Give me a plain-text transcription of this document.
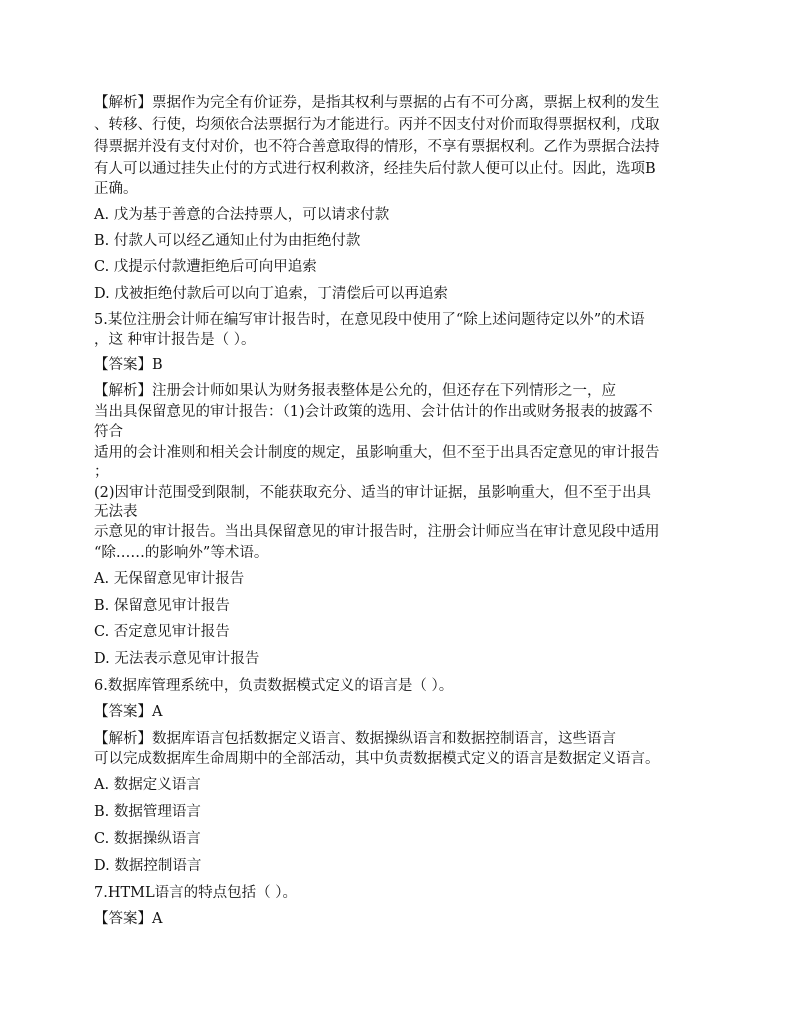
【解析】票据作为完全有价证券，是指其权利与票据的占有不可分离，票据上权利的发生
、转移、行使，均须依合法票据行为才能进行。丙并不因支付对价而取得票据权利，戊取
得票据并没有支付对价，也不符合善意取得的情形，不享有票据权利。乙作为票据合法持
有人可以通过挂失止付的方式进行权利救济，经挂失后付款人便可以止付。因此，选项B
正确。
A. 戊为基于善意的合法持票人，可以请求付款
B. 付款人可以经乙通知止付为由拒绝付款
C. 戊提示付款遭拒绝后可向甲追索
D. 戊被拒绝付款后可以向丁追索，丁清偿后可以再追索
5.某位注册会计师在编写审计报告时，在意见段中使用了“除上述问题待定以外”的术语
，这 种审计报告是（ ）。
【答案】B
【解析】注册会计师如果认为财务报表整体是公允的，但还存在下列情形之一，应
当出具保留意见的审计报告：（1)会计政策的选用、会计估计的作出或财务报表的披露不
符合
适用的会计准则和相关会计制度的规定，虽影响重大，但不至于出具否定意见的审计报告
；
(2)因审计范围受到限制，不能获取充分、适当的审计证据，虽影响重大，但不至于出具
无法表
示意见的审计报告。当出具保留意见的审计报告时，注册会计师应当在审计意见段中适用
“除……的影响外”等术语。
A. 无保留意见审计报告
B. 保留意见审计报告
C. 否定意见审计报告
D. 无法表示意见审计报告
6.数据库管理系统中，负责数据模式定义的语言是（ ）。
【答案】A
【解析】数据库语言包括数据定义语言、数据操纵语言和数据控制语言，这些语言
可以完成数据库生命周期中的全部活动，其中负责数据模式定义的语言是数据定义语言。
A. 数据定义语言
B. 数据管理语言
C. 数据操纵语言
D. 数据控制语言
7.HTML语言的特点包括（ ）。
【答案】A
